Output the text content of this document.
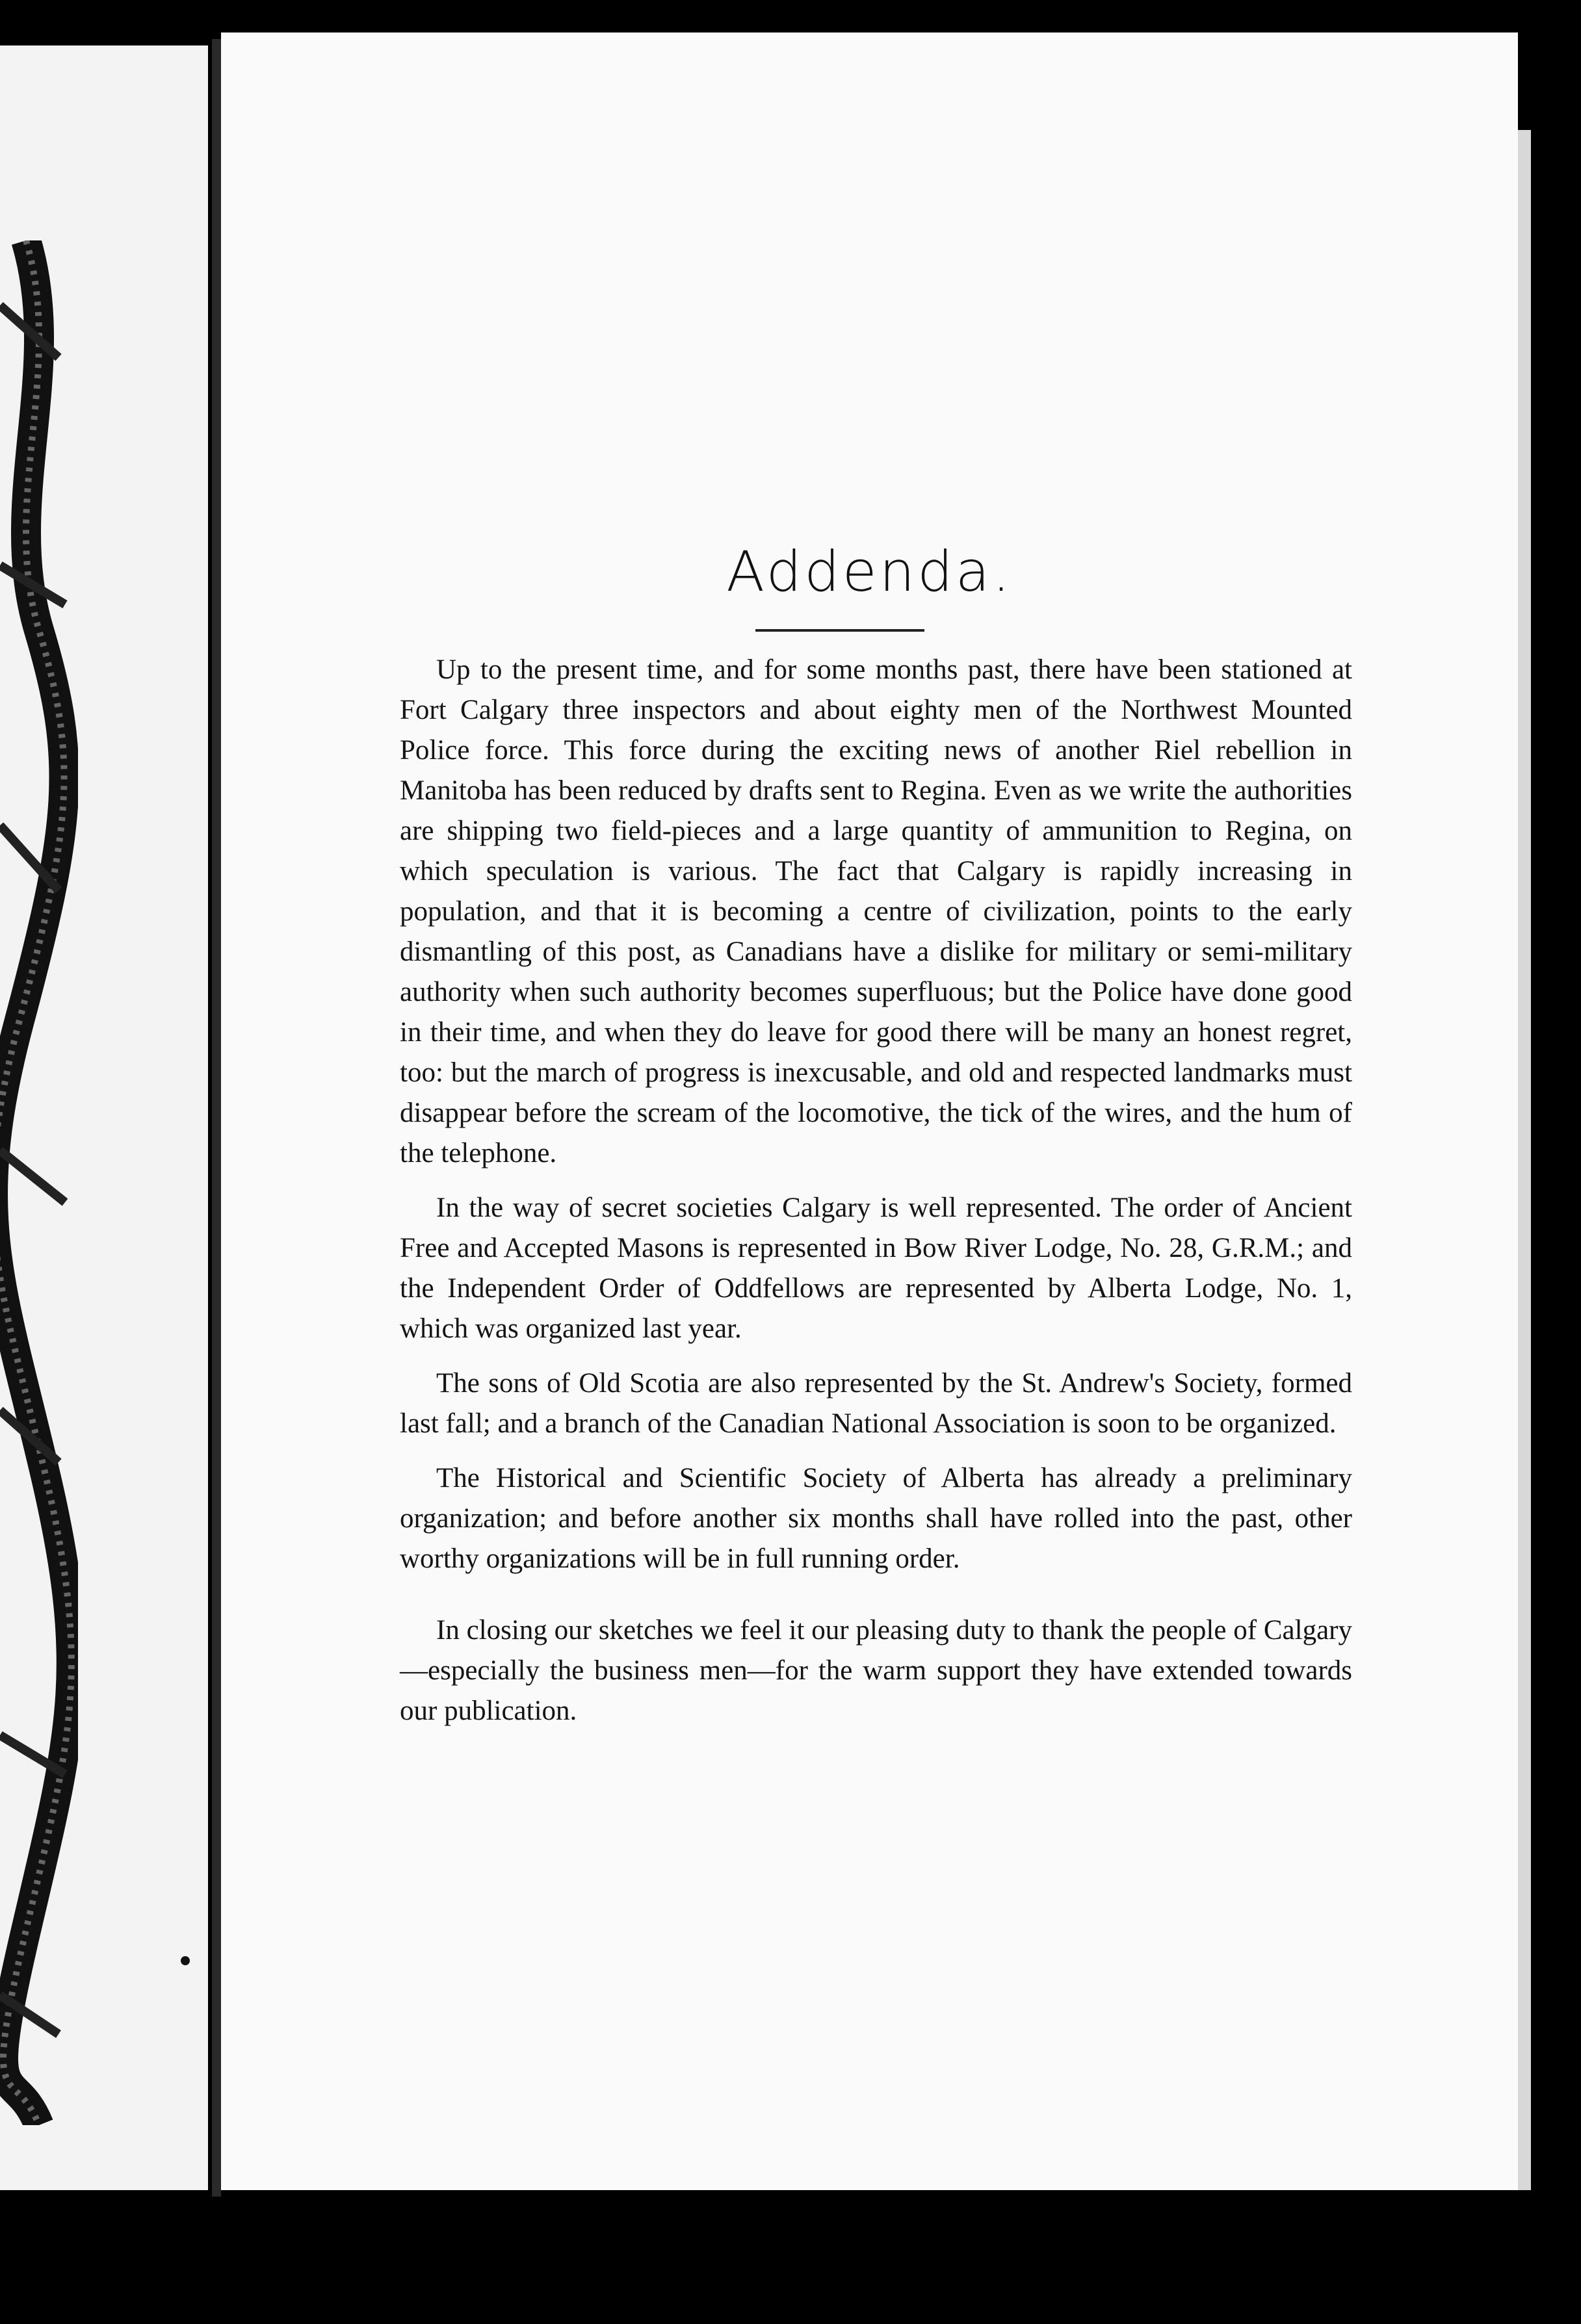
Addenda.

Up to the present time, and for some months past, there have been stationed at Fort Calgary three inspectors and about eighty men of the Northwest Mounted Police force. This force during the exciting news of another Riel rebellion in Manitoba has been reduced by drafts sent to Regina. Even as we write the authorities are shipping two field-pieces and a large quantity of ammunition to Regina, on which speculation is various. The fact that Calgary is rapidly increasing in population, and that it is becoming a centre of civilization, points to the early dismantling of this post, as Canadians have a dislike for military or semi-military authority when such authority becomes superfluous; but the Police have done good in their time, and when they do leave for good there will be many an honest regret, too: but the march of progress is inexcusable, and old and respected landmarks must disappear before the scream of the locomotive, the tick of the wires, and the hum of the telephone.

In the way of secret societies Calgary is well represented. The order of Ancient Free and Accepted Masons is represented in Bow River Lodge, No. 28, G.R.M.; and the Independent Order of Oddfellows are represented by Alberta Lodge, No. 1, which was organized last year.

The sons of Old Scotia are also represented by the St. Andrew's Society, formed last fall; and a branch of the Canadian National Association is soon to be organized.

The Historical and Scientific Society of Alberta has already a preliminary organization; and before another six months shall have rolled into the past, other worthy organizations will be in full running order.

In closing our sketches we feel it our pleasing duty to thank the people of Calgary—especially the business men—for the warm support they have extended towards our publication.
